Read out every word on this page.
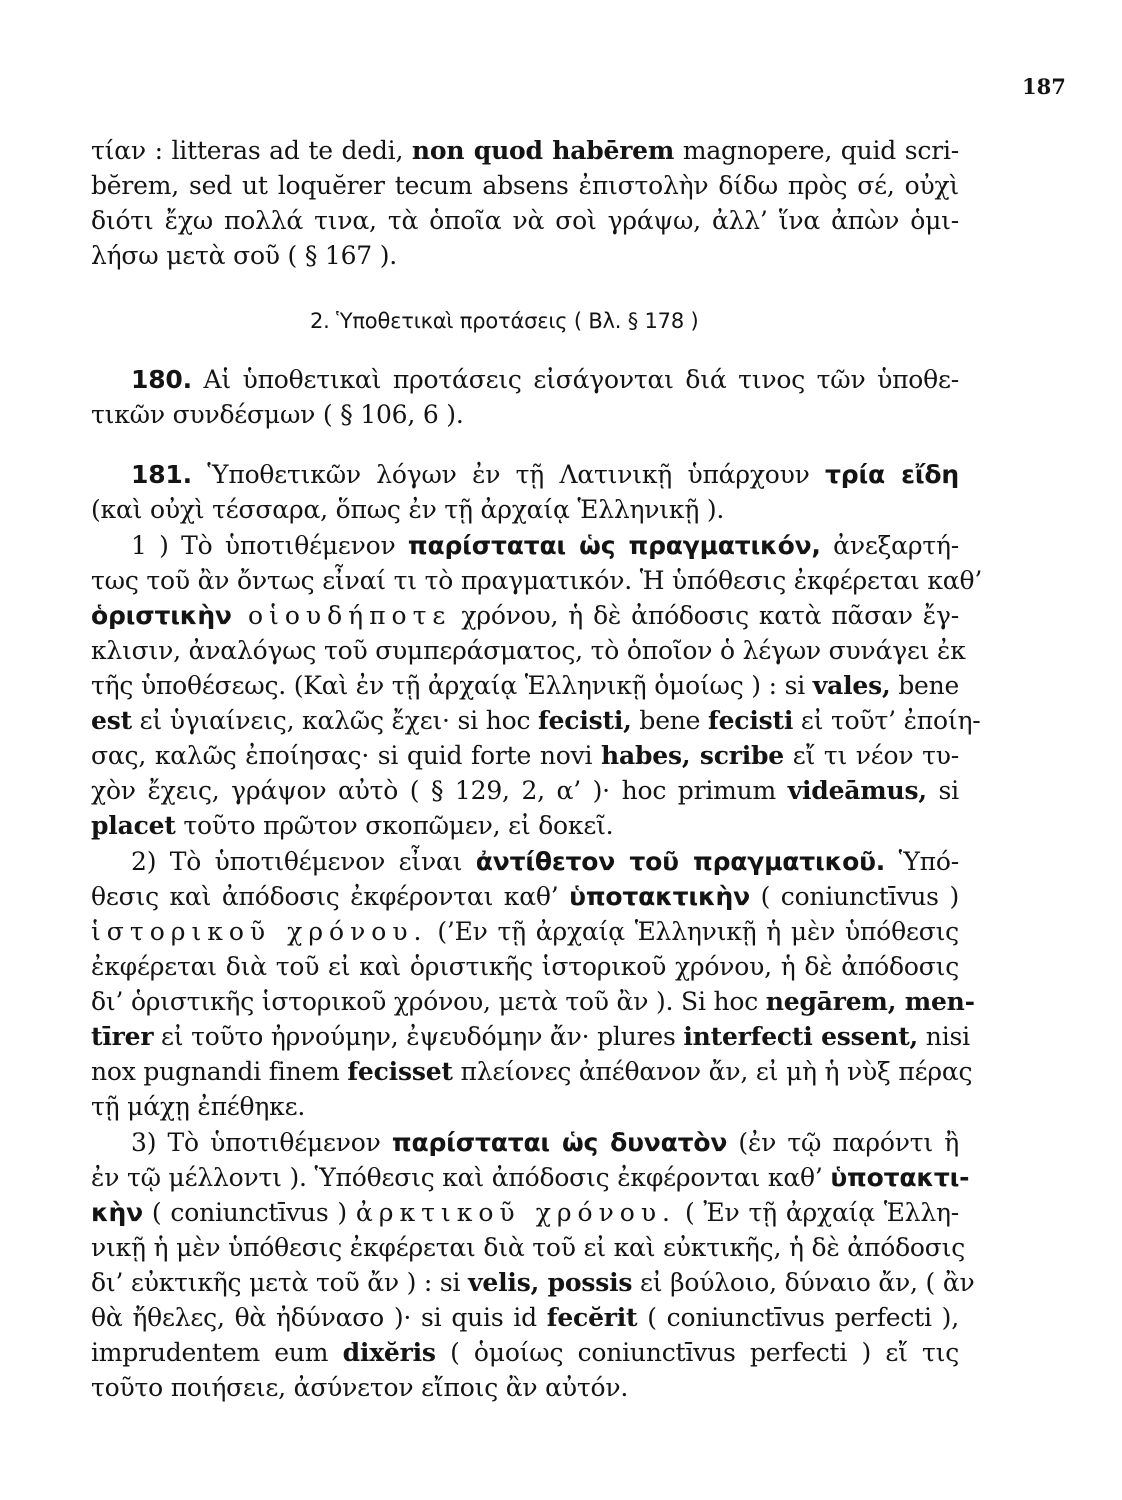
187
τίαν : litteras ad te dedi, non quod habērem magnopere, quid scri-
bĕrem, sed ut loquĕrer tecum absens ἐπιστολὴν δίδω πρὸς σέ, οὐχὶ
διότι ἔχω πολλά τινα, τὰ ὁποῖα νὰ σοὶ γράψω, ἀλλ’ ἵνα ἀπὼν ὁμι-
λήσω μετὰ σοῦ ( § 167 ).
2. Ὑποθετικαὶ προτάσεις ( Βλ. § 178 )
180. Αἱ ὑποθετικαὶ προτάσεις εἰσάγονται διά τινος τῶν ὑποθε-
τικῶν συνδέσμων ( § 106, 6 ).
181. Ὑποθετικῶν λόγων ἐν τῇ Λατινικῇ ὑπάρχουν τρία εἴδη
(καὶ οὐχὶ τέσσαρα, ὅπως ἐν τῇ ἀρχαίᾳ Ἑλληνικῇ ).
1 ) Τὸ ὑποτιθέμενον παρίσταται ὡς πραγματικόν, ἀνεξαρτή-
τως τοῦ ἂν ὄντως εἶναί τι τὸ πραγματικόν. Ἡ ὑπόθεσις ἐκφέρεται καθ’
ὁριστικὴν οἱουδήποτε χρόνου, ἡ δὲ ἀπόδοσις κατὰ πᾶσαν ἔγ-
κλισιν, ἀναλόγως τοῦ συμπεράσματος, τὸ ὁποῖον ὁ λέγων συνάγει ἐκ
τῆς ὑποθέσεως. (Καὶ ἐν τῇ ἀρχαίᾳ Ἑλληνικῇ ὁμοίως ) : si vales, bene
est εἰ ὑγιαίνεις, καλῶς ἔχει· si hoc fecisti, bene fecisti εἰ τοῦτ’ ἐποίη-
σας, καλῶς ἐποίησας· si quid forte novi habes, scribe εἴ τι νέον τυ-
χὸν ἔχεις, γράψον αὐτὸ ( § 129, 2, α’ )· hoc primum videāmus, si
placet τοῦτο πρῶτον σκοπῶμεν, εἰ δοκεῖ.
2) Τὸ ὑποτιθέμενον εἶναι ἀντίθετον τοῦ πραγματικοῦ. Ὑπό-
θεσις καὶ ἀπόδοσις ἐκφέρονται καθ’ ὑποτακτικὴν ( coniunctīvus )
ἱστορικοῦ χρόνου. (’Εν τῇ ἀρχαίᾳ Ἑλληνικῇ ἡ μὲν ὑπόθεσις
ἐκφέρεται διὰ τοῦ εἰ καὶ ὁριστικῆς ἱστορικοῦ χρόνου, ἡ δὲ ἀπόδοσις
δι’ ὁριστικῆς ἱστορικοῦ χρόνου, μετὰ τοῦ ἂν ). Si hoc negārem, men-
tīrer εἰ τοῦτο ἠρνούμην, ἐψευδόμην ἄν· plures interfecti essent, nisi
nox pugnandi finem fecisset πλείονες ἀπέθανον ἄν, εἰ μὴ ἡ νὺξ πέρας
τῇ μάχῃ ἐπέθηκε.
3) Τὸ ὑποτιθέμενον παρίσταται ὡς δυνατὸν (ἐν τῷ παρόντι ἢ
ἐν τῷ μέλλοντι ). Ὑπόθεσις καὶ ἀπόδοσις ἐκφέρονται καθ’ ὑποτακτι-
κὴν ( coniunctīvus ) ἀρκτικοῦ χρόνου. ( Ἐν τῇ ἀρχαίᾳ Ἑλλη-
νικῇ ἡ μὲν ὑπόθεσις ἐκφέρεται διὰ τοῦ εἰ καὶ εὐκτικῆς, ἡ δὲ ἀπόδοσις
δι’ εὐκτικῆς μετὰ τοῦ ἄν ) : si velis, possis εἰ βούλοιο, δύναιο ἄν, ( ἂν
θὰ ἤθελες, θὰ ἠδύνασο )· si quis id fecĕrit ( coniunctīvus perfecti ),
imprudentem eum dixĕris ( ὁμοίως coniunctīvus perfecti ) εἴ τις
τοῦτο ποιήσειε, ἀσύνετον εἴποις ἂν αὐτόν.
